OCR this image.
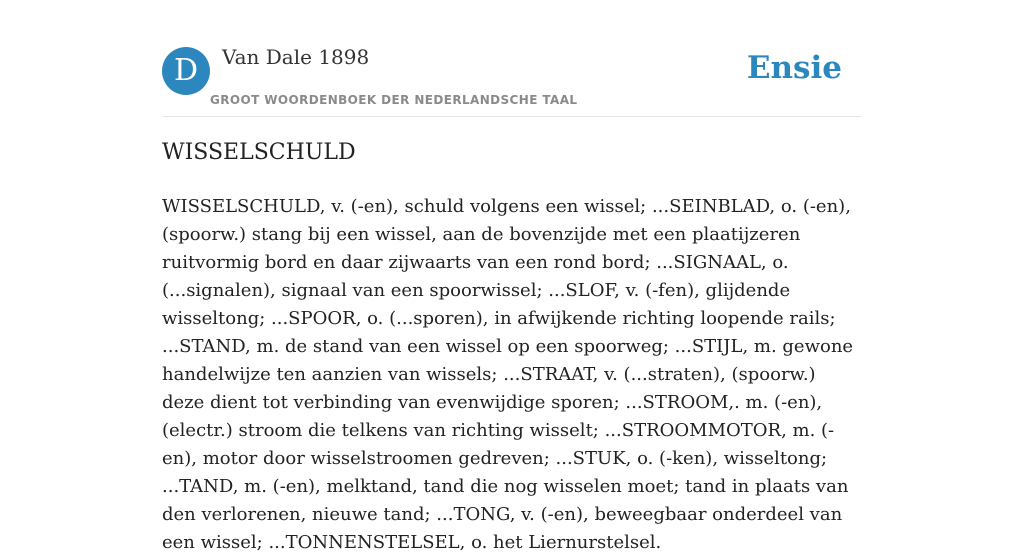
D	Van Dale 1898
GROOT WOORDENBOEK DER NEDERLANDSCHE TAAL
Ensie
WISSELSCHULD

WISSELSCHULD, v. (-en), schuld volgens een wissel; ...SEINBLAD, o. (-en), (spoorw.) stang bij een wissel, aan de bovenzijde met een plaatijzeren ruitvormig bord en daar zijwaarts van een rond bord; ...SIGNAAL, o. (...signalen), signaal van een spoorwissel; ...SLOF, v. (-fen), glijdende wisseltong; ...SPOOR, o. (...sporen), in afwijkende richting loopende rails; ...STAND, m. de stand van een wissel op een spoorweg; ...STIJL, m. gewone handelwijze ten aanzien van wissels; ...STRAAT, v. (...straten), (spoorw.) deze dient tot verbinding van evenwijdige sporen; ...STROOM,. m. (-en), (electr.) stroom die telkens van richting wisselt; ...STROOMMOTOR, m. (-en), motor door wisselstroomen gedreven; ...STUK, o. (-ken), wisseltong; ...TAND, m. (-en), melktand, tand die nog wisselen moet; tand in plaats van den verlorenen, nieuwe tand; ...TONG, v. (-en), beweegbaar onderdeel van een wissel; ...TONNENSTELSEL, o. het Liernurstelsel.
